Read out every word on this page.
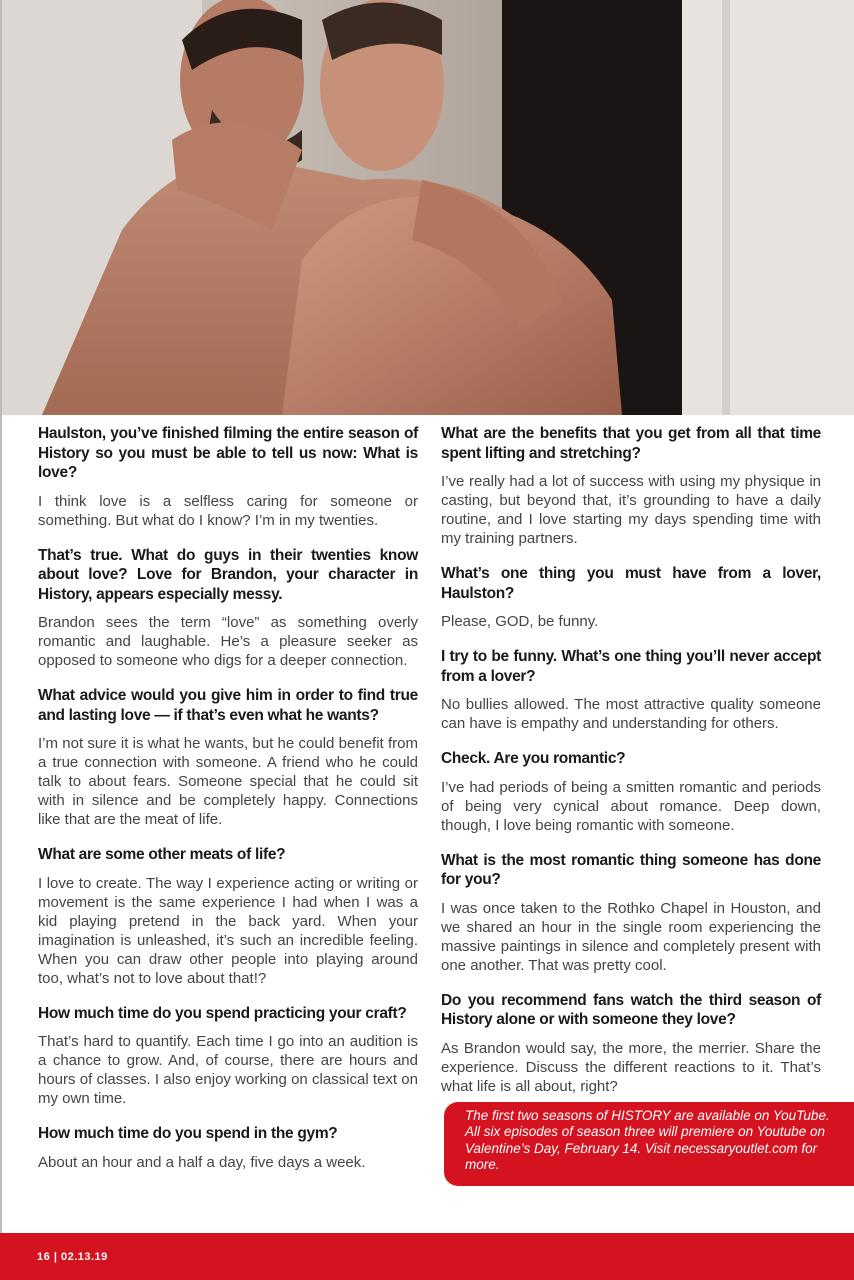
Haulston, you’ve finished filming the entire season of History so you must be able to tell us now: What is love?

I think love is a selfless caring for someone or something. But what do I know? I’m in my twenties.

That’s true. What do guys in their twenties know about love? Love for Brandon, your character in History, appears especially messy.

Brandon sees the term “love” as something overly romantic and laughable. He’s a pleasure seeker as opposed to someone who digs for a deeper connection.

What advice would you give him in order to find true and lasting love — if that’s even what he wants?

I’m not sure it is what he wants, but he could benefit from a true connection with someone. A friend who he could talk to about fears. Someone special that he could sit with in silence and be completely happy. Connections like that are the meat of life.

What are some other meats of life?

I love to create. The way I experience acting or writing or movement is the same experience I had when I was a kid playing pretend in the back yard. When your imagination is unleashed, it’s such an incredible feeling. When you can draw other people into playing around too, what’s not to love about that!?

How much time do you spend practicing your craft?

That’s hard to quantify. Each time I go into an audition is a chance to grow. And, of course, there are hours and hours of classes. I also enjoy working on classical text on my own time.

How much time do you spend in the gym?

About an hour and a half a day, five days a week.

What are the benefits that you get from all that time spent lifting and stretching?

I’ve really had a lot of success with using my physique in casting, but beyond that, it’s grounding to have a daily routine, and I love starting my days spending time with my training partners.

What’s one thing you must have from a lover, Haulston?

Please, GOD, be funny.

I try to be funny. What’s one thing you’ll never accept from a lover?

No bullies allowed. The most attractive quality someone can have is empathy and understanding for others.

Check. Are you romantic?

I’ve had periods of being a smitten romantic and periods of being very cynical about romance. Deep down, though, I love being romantic with someone.

What is the most romantic thing someone has done for you?

I was once taken to the Rothko Chapel in Houston, and we shared an hour in the single room experiencing the massive paintings in silence and completely present with one another. That was pretty cool.

Do you recommend fans watch the third season of History alone or with someone they love?

As Brandon would say, the more, the merrier. Share the experience. Discuss the different reactions to it. That’s what life is all about, right?

The first two seasons of HISTORY are available on YouTube. All six episodes of season three will premiere on Youtube on Valentine’s Day, February 14. Visit necessaryoutlet.com for more.
16 | 02.13.19
